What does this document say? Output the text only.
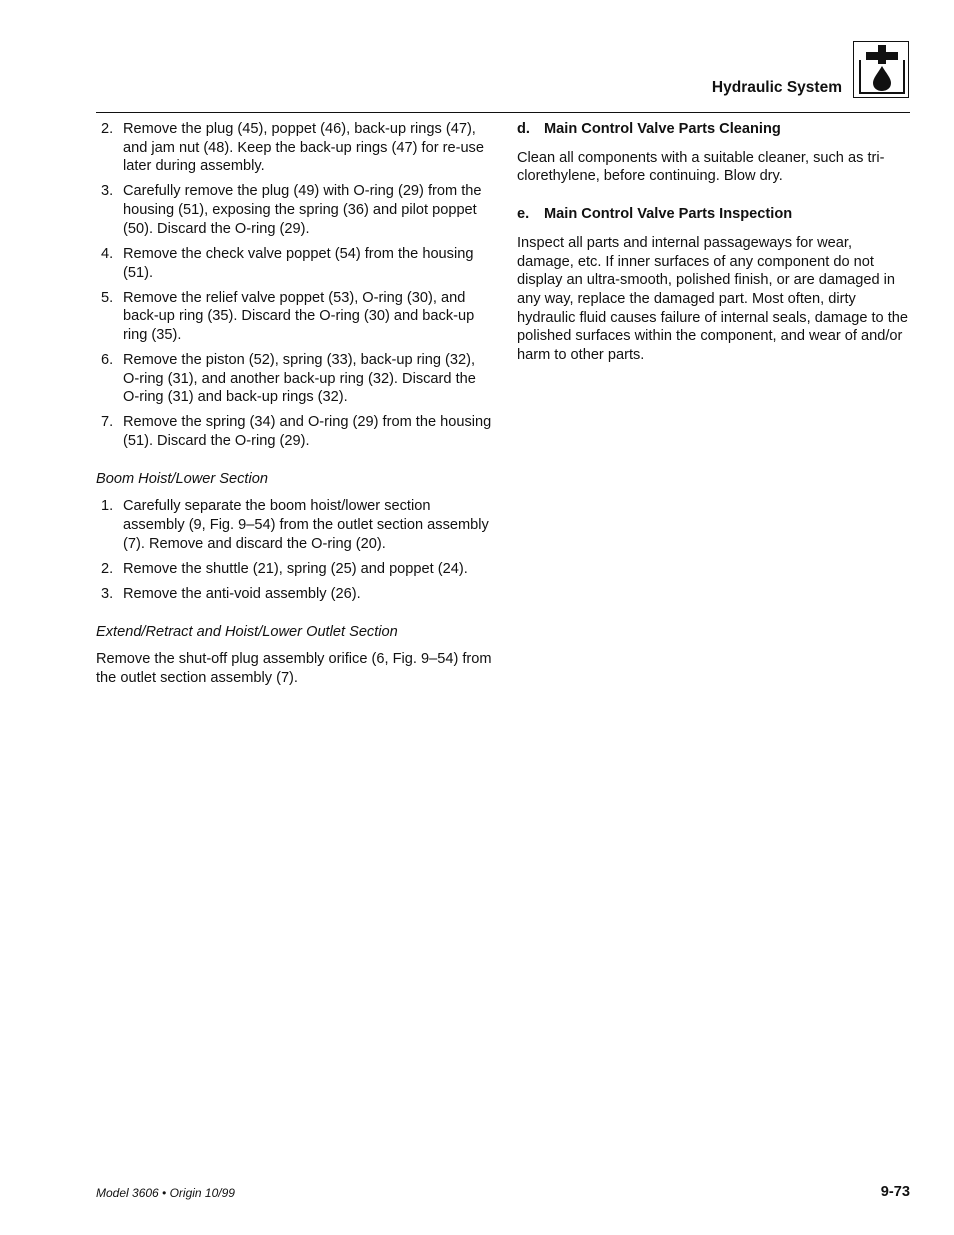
Hydraulic System
2. Remove the plug (45), poppet (46), back-up rings (47), and jam nut (48). Keep the back-up rings (47) for re-use later during assembly.
3. Carefully remove the plug (49) with O-ring (29) from the housing (51), exposing the spring (36) and pilot poppet (50). Discard the O-ring (29).
4. Remove the check valve poppet (54) from the housing (51).
5. Remove the relief valve poppet (53), O-ring (30), and back-up ring (35). Discard the O-ring (30) and back-up ring (35).
6. Remove the piston (52), spring (33), back-up ring (32), O-ring (31), and another back-up ring (32). Discard the O-ring (31) and back-up rings (32).
7. Remove the spring (34) and O-ring (29) from the housing (51). Discard the O-ring (29).
Boom Hoist/Lower Section
1. Carefully separate the boom hoist/lower section assembly (9, Fig. 9–54) from the outlet section assembly (7). Remove and discard the O-ring (20).
2. Remove the shuttle (21), spring (25) and poppet (24).
3. Remove the anti-void assembly (26).
Extend/Retract and Hoist/Lower Outlet Section

Remove the shut-off plug assembly orifice (6, Fig. 9–54) from the outlet section assembly (7).

d. Main Control Valve Parts Cleaning

Clean all components with a suitable cleaner, such as tri-clorethylene, before continuing. Blow dry.

e. Main Control Valve Parts Inspection

Inspect all parts and internal passageways for wear, damage, etc. If inner surfaces of any component do not display an ultra-smooth, polished finish, or are damaged in any way, replace the damaged part. Most often, dirty hydraulic fluid causes failure of internal seals, damage to the polished surfaces within the component, and wear of and/or harm to other parts.

Model 3606 • Origin 10/99	9-73
